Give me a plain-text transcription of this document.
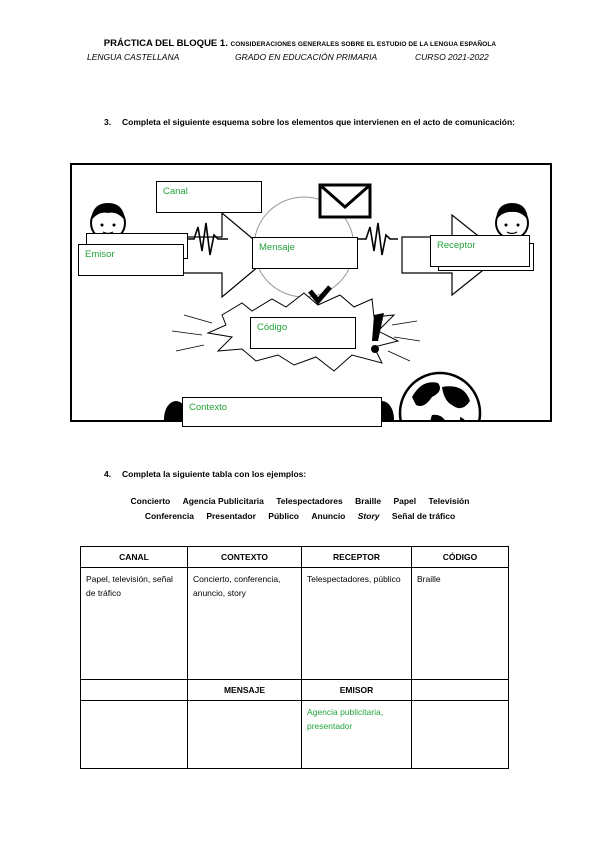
PRÁCTICA DEL BLOQUE 1. CONSIDERACIONES GENERALES SOBRE EL ESTUDIO DE LA LENGUA ESPAÑOLA
LENGUA CASTELLANA	GRADO EN EDUCACIÓN PRIMARIA	CURSO 2021-2022
3. Completa el siguiente esquema sobre los elementos que intervienen en el acto de comunicación:
Canal
Emisor
Mensaje	Receptor
Código
Contexto
4. Completa la siguiente tabla con los ejemplos:
Concierto Agencia Publicitaria Telespectadores Braille Papel Televisión
Conferencia Presentador Público Anuncio Story Señal de tráfico
CANAL	CONTEXTO	RECEPTOR	CÓDIGO
Papel, televisión, señal de tráfico	Concierto, conferencia, anuncio, story	Telespectadores, público	Braille
	MENSAJE	EMISOR	
		Agencia publicitaria, presentador	
